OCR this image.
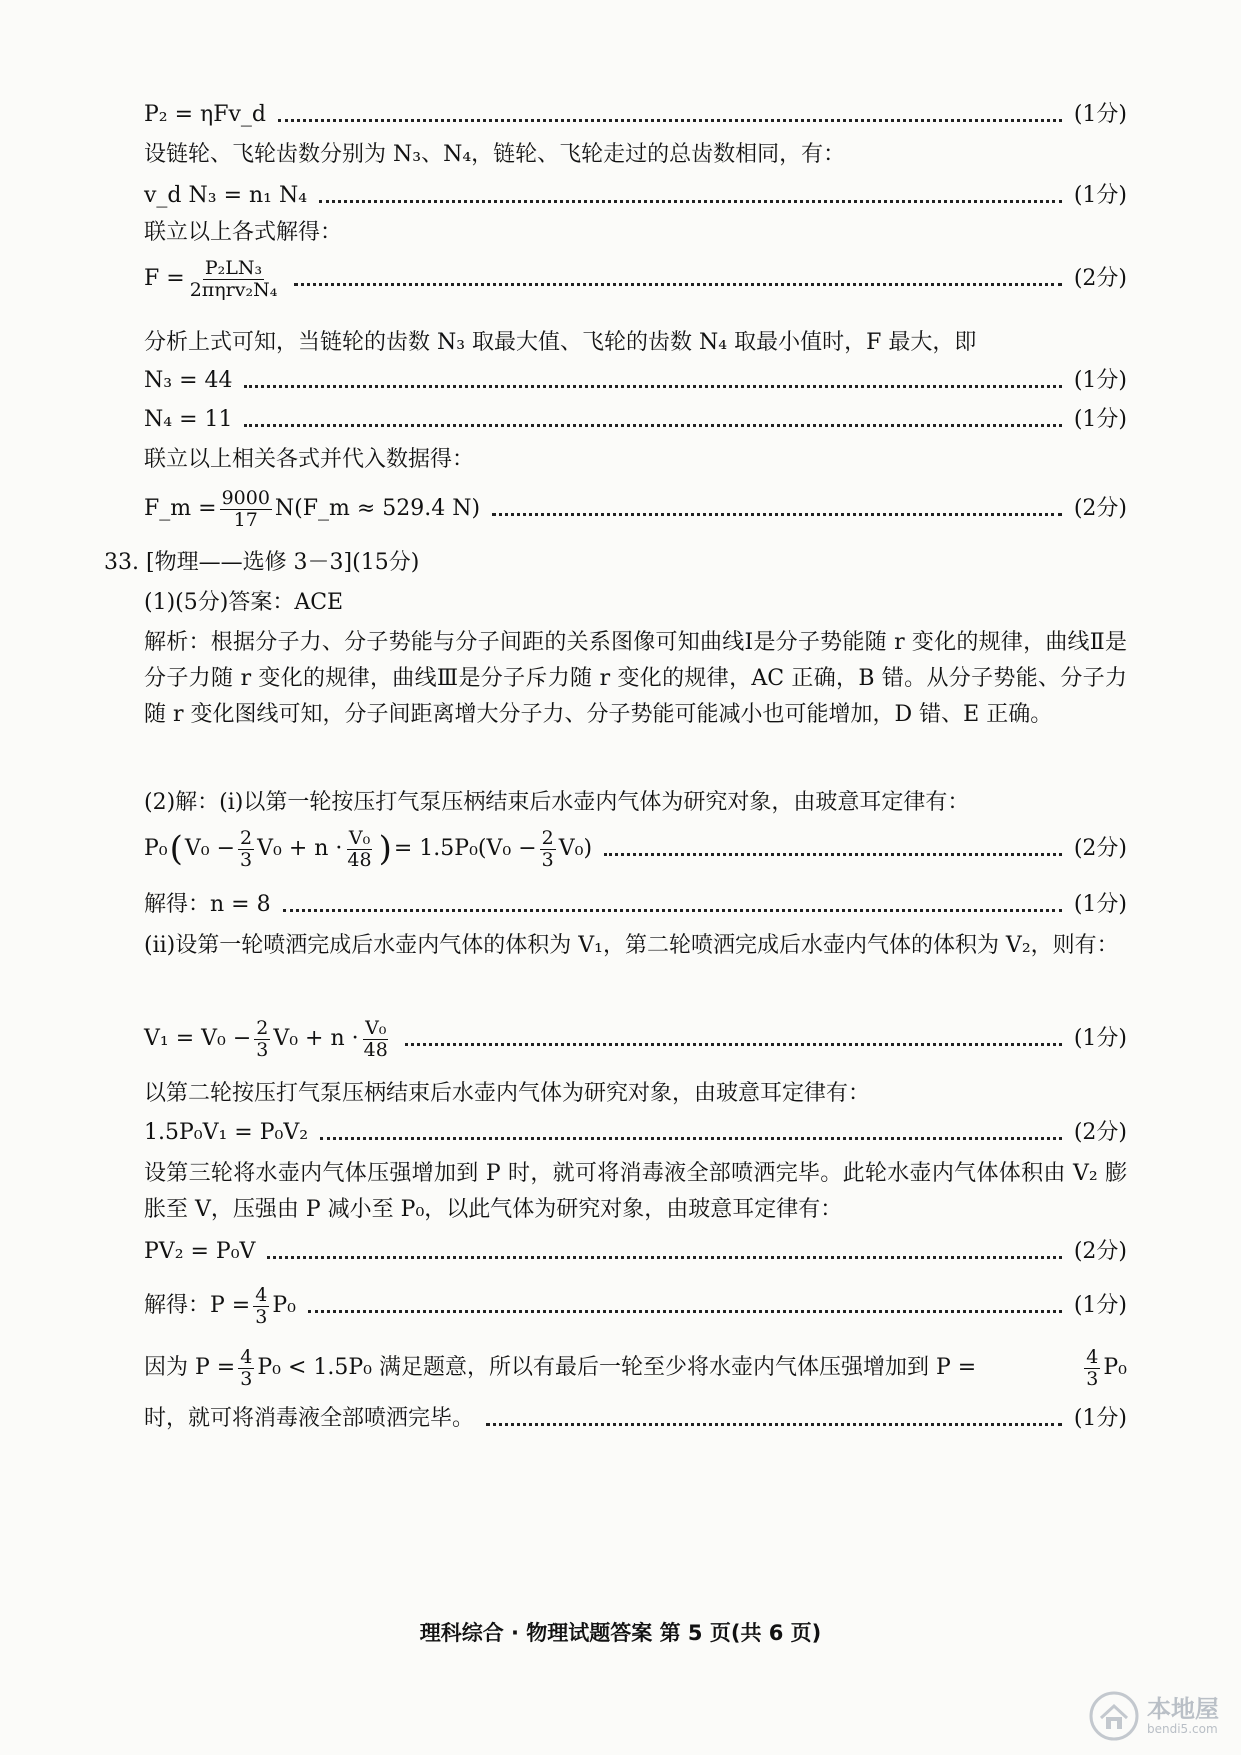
P₂ = ηFv_d	(1分)
设链轮、飞轮齿数分别为 N₃、N₄，链轮、飞轮走过的总齿数相同，有：
v_d N₃ = n₁ N₄	(1分)
联立以上各式解得：
$F = \frac{\text{P₂LN₃}}{\text{2πηrv₂N₄}}$	(2分)
分析上式可知，当链轮的齿数 N₃ 取最大值、飞轮的齿数 N₄ 取最小值时，F 最大，即
N₃ = 44	(1分)
N₄ = 11	(1分)
联立以上相关各式并代入数据得：
F_m = $\frac{9000}{17}$ N(F_m ≈ 529.4 N)	(2分)
33. [物理——选修 3－3](15分)
(1)(5分)答案：ACE
解析：根据分子力、分子势能与分子间距的关系图像可知曲线Ⅰ是分子势能随 r 变化的规律，曲线Ⅱ是分子力随 r 变化的规律，曲线Ⅲ是分子斥力随 r 变化的规律，AC 正确，B 错。从分子势能、分子力随 r 变化图线可知，分子间距离增大分子力、分子势能可能减小也可能增加，D 错、E 正确。
(2)解：(ⅰ)以第一轮按压打气泵压柄结束后水壶内气体为研究对象，由玻意耳定律有：
P₀ ( $V_0 - \frac{2}{3} V_0 + n \cdot \frac{\text{V₀}}{48}$ ) = $1.5P_0(V_0 - \frac{2}{3} V_0)$	(2分)
解得：n = 8	(1分)
(ⅱ)设第一轮喷洒完成后水壶内气体的体积为 V₁，第二轮喷洒完成后水壶内气体的体积为 V₂，则有：
$V_1 = V_0 - \frac{2}{3} V_0 + n \cdot \frac{\text{V₀}}{48}$	(1分)
以第二轮按压打气泵压柄结束后水壶内气体为研究对象，由玻意耳定律有：
1.5P₀V₁ = P₀V₂	(2分)
设第三轮将水壶内气体压强增加到 P 时，就可将消毒液全部喷洒完毕。此轮水壶内气体体积由 V₂ 膨胀至 V，压强由 P 减小至 P₀，以此气体为研究对象，由玻意耳定律有：
PV₂ = P₀V	(2分)
解得：$P = \frac{4}{3} P_0$	(1分)
因为 $P = \frac{4}{3} P_0 < 1.5P_0$ 满足题意，所以有最后一轮至少将水壶内气体压强增加到 P =	$\frac{4}{3} P_0$
时，就可将消毒液全部喷洒完毕。	(1分)
理科综合 · 物理试题答案 第 5 页(共 6 页)
本地屋
bendi5.com
